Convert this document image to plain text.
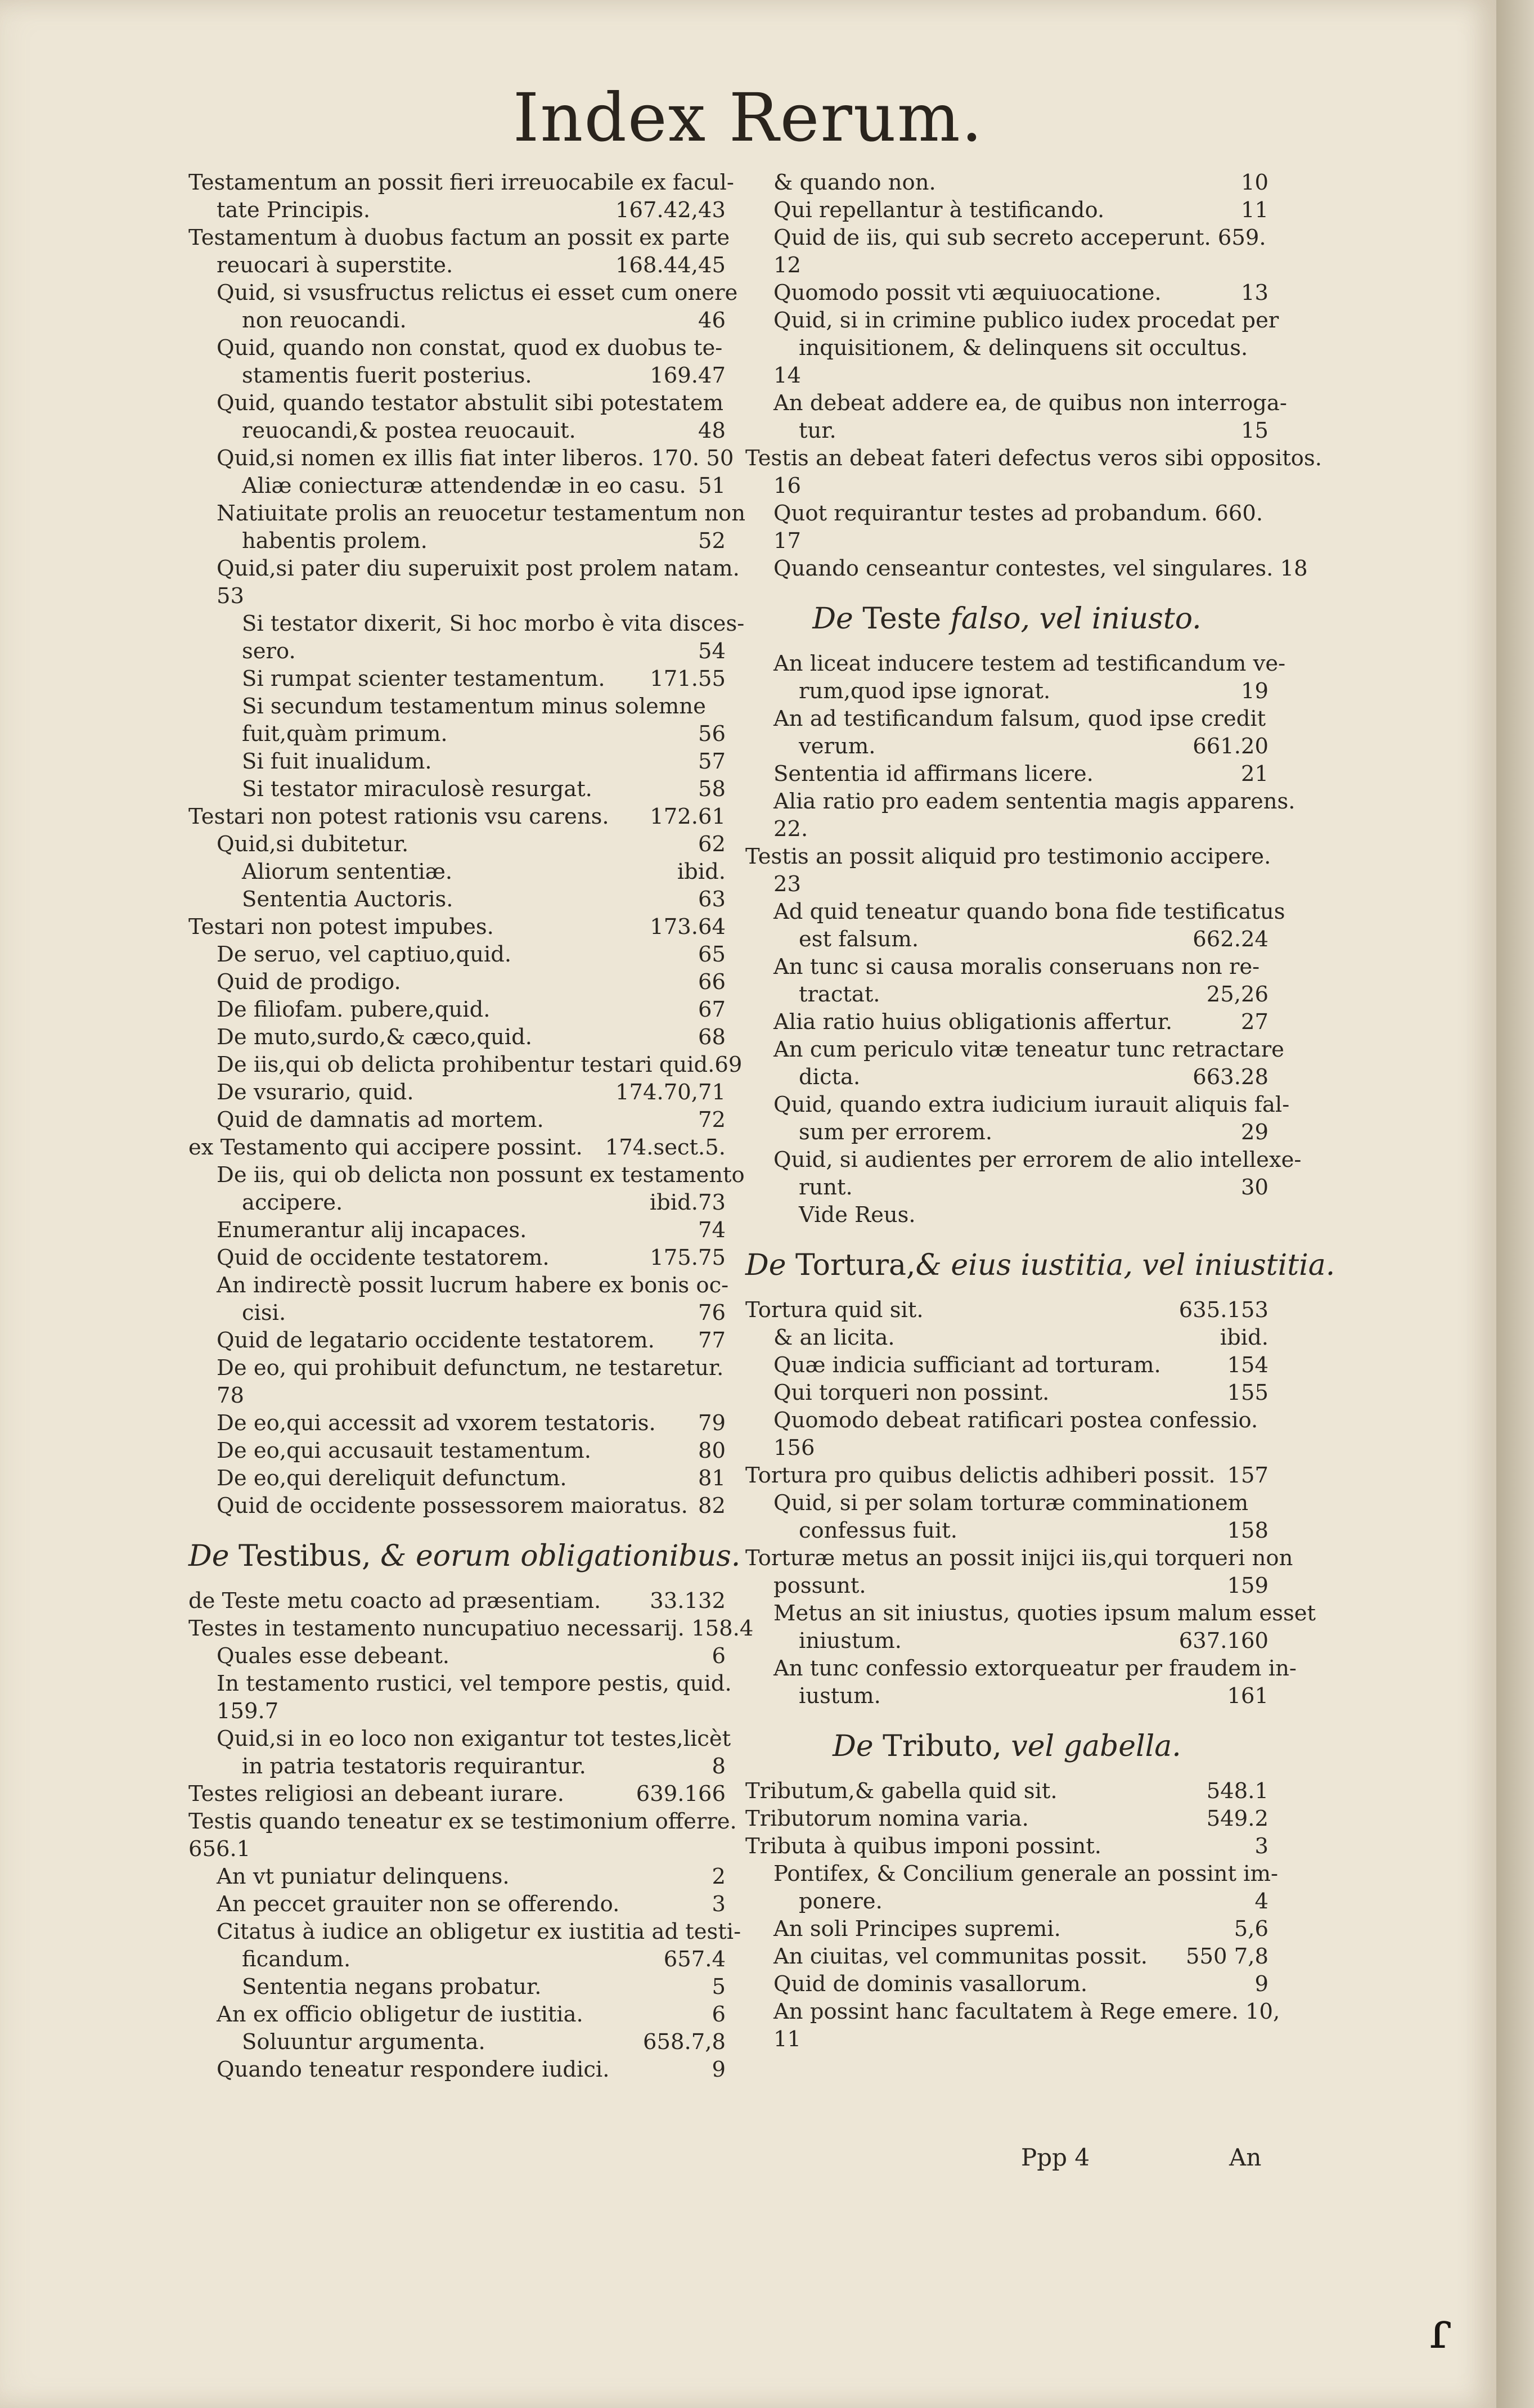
Index Rerum.
Testamentum an possit fieri irreuocabile ex facul-
tate Principis.	167.42,43
Testamentum à duobus factum an possit ex parte
reuocari à superstite.	168.44,45
Quid, si vsusfructus relictus ei esset cum onere
non reuocandi.	46
Quid, quando non constat, quod ex duobus te-
stamentis fuerit posterius.	169.47
Quid, quando testator abstulit sibi potestatem
reuocandi,& postea reuocauit.	48
Quid,si nomen ex illis fiat inter liberos. 170. 50
Aliæ coniecturæ attendendæ in eo casu. 51
Natiuitate prolis an reuocetur testamentum non
habentis prolem.	52
Quid,si pater diu superuixit post prolem natam.
53
Si testator dixerit, Si hoc morbo è vita disces-
sero.	54
Si rumpat scienter testamentum. 171.55
Si secundum testamentum minus solemne
fuit,quàm primum.	56
Si fuit inualidum.	57
Si testator miraculosè resurgat.	58
Testari non potest rationis vsu carens. 172.61
Quid,si dubitetur.	62
Aliorum sententiæ.	ibid.
Sententia Auctoris.	63
Testari non potest impubes.	173.64
De seruo, vel captiuo,quid.	65
Quid de prodigo.	66
De filiofam. pubere,quid.	67
De muto,surdo,& cæco,quid.	68
De iis,qui ob delicta prohibentur testari quid.69
De vsurario, quid.	174.70,71
Quid de damnatis ad mortem.	72
ex Testamento qui accipere possint. 174.sect.5.
De iis, qui ob delicta non possunt ex testamento
accipere.	ibid.73
Enumerantur alij incapaces.	74
Quid de occidente testatorem.	175.75
An indirectè possit lucrum habere ex bonis oc-
cisi.	76
Quid de legatario occidente testatorem. 77
De eo, qui prohibuit defunctum, ne testaretur.
78
De eo,qui accessit ad vxorem testatoris. 79
De eo,qui accusauit testamentum.	80
De eo,qui dereliquit defunctum.	81
Quid de occidente possessorem maioratus. 82
De Testibus, & eorum obligationibus.
de Teste metu coacto ad præsentiam. 33.132
Testes in testamento nuncupatiuo necessarij. 158.4
Quales esse debeant.	6
In testamento rustici, vel tempore pestis, quid.
159.7
Quid,si in eo loco non exigantur tot testes,licèt
in patria testatoris requirantur.	8
Testes religiosi an debeant iurare.	639.166
Testis quando teneatur ex se testimonium offerre.
656.1
An vt puniatur delinquens.	2
An peccet grauiter non se offerendo.	3
Citatus à iudice an obligetur ex iustitia ad testi-
ficandum.	657.4
Sententia negans probatur.	5
An ex officio obligetur de iustitia.	6
Soluuntur argumenta.	658.7,8
Quando teneatur respondere iudici.	9
& quando non.	10
Qui repellantur à testificando.	11
Quid de iis, qui sub secreto acceperunt. 659.
12
Quomodo possit vti æquiuocatione.	13
Quid, si in crimine publico iudex procedat per
inquisitionem, & delinquens sit occultus.
14
An debeat addere ea, de quibus non interroga-
tur.	15
Testis an debeat fateri defectus veros sibi oppositos.
16
Quot requirantur testes ad probandum. 660.
17
Quando censeantur contestes, vel singulares. 18
De Teste falso, vel iniusto.
An liceat inducere testem ad testificandum ve-
rum,quod ipse ignorat.	19
An ad testificandum falsum, quod ipse credit
verum.	661.20
Sententia id affirmans licere.	21
Alia ratio pro eadem sententia magis apparens.
22.
Testis an possit aliquid pro testimonio accipere.
23
Ad quid teneatur quando bona fide testificatus
est falsum.	662.24
An tunc si causa moralis conseruans non re-
tractat.	25,26
Alia ratio huius obligationis affertur.	27
An cum periculo vitæ teneatur tunc retractare
dicta.	663.28
Quid, quando extra iudicium iurauit aliquis fal-
sum per errorem.	29
Quid, si audientes per errorem de alio intellexe-
runt.	30
Vide Reus.
De Tortura,& eius iustitia, vel iniustitia.
Tortura quid sit.	635.153
& an licita.	ibid.
Quæ indicia sufficiant ad torturam.	154
Qui torqueri non possint.	155
Quomodo debeat ratificari postea confessio.
156
Tortura pro quibus delictis adhiberi possit. 157
Quid, si per solam torturæ comminationem
confessus fuit.	158
Torturæ metus an possit inijci iis,qui torqueri non
possunt.	159
Metus an sit iniustus, quoties ipsum malum esset
iniustum.	637.160
An tunc confessio extorqueatur per fraudem in-
iustum.	161
De Tributo, vel gabella.
Tributum,& gabella quid sit.	548.1
Tributorum nomina varia.	549.2
Tributa à quibus imponi possint.	3
Pontifex, & Concilium generale an possint im-
ponere.	4
An soli Principes supremi.	5,6
An ciuitas, vel communitas possit. 550 7,8
Quid de dominis vasallorum.	9
An possint hanc facultatem à Rege emere. 10,
11
Ppp 4	An
ɾ
